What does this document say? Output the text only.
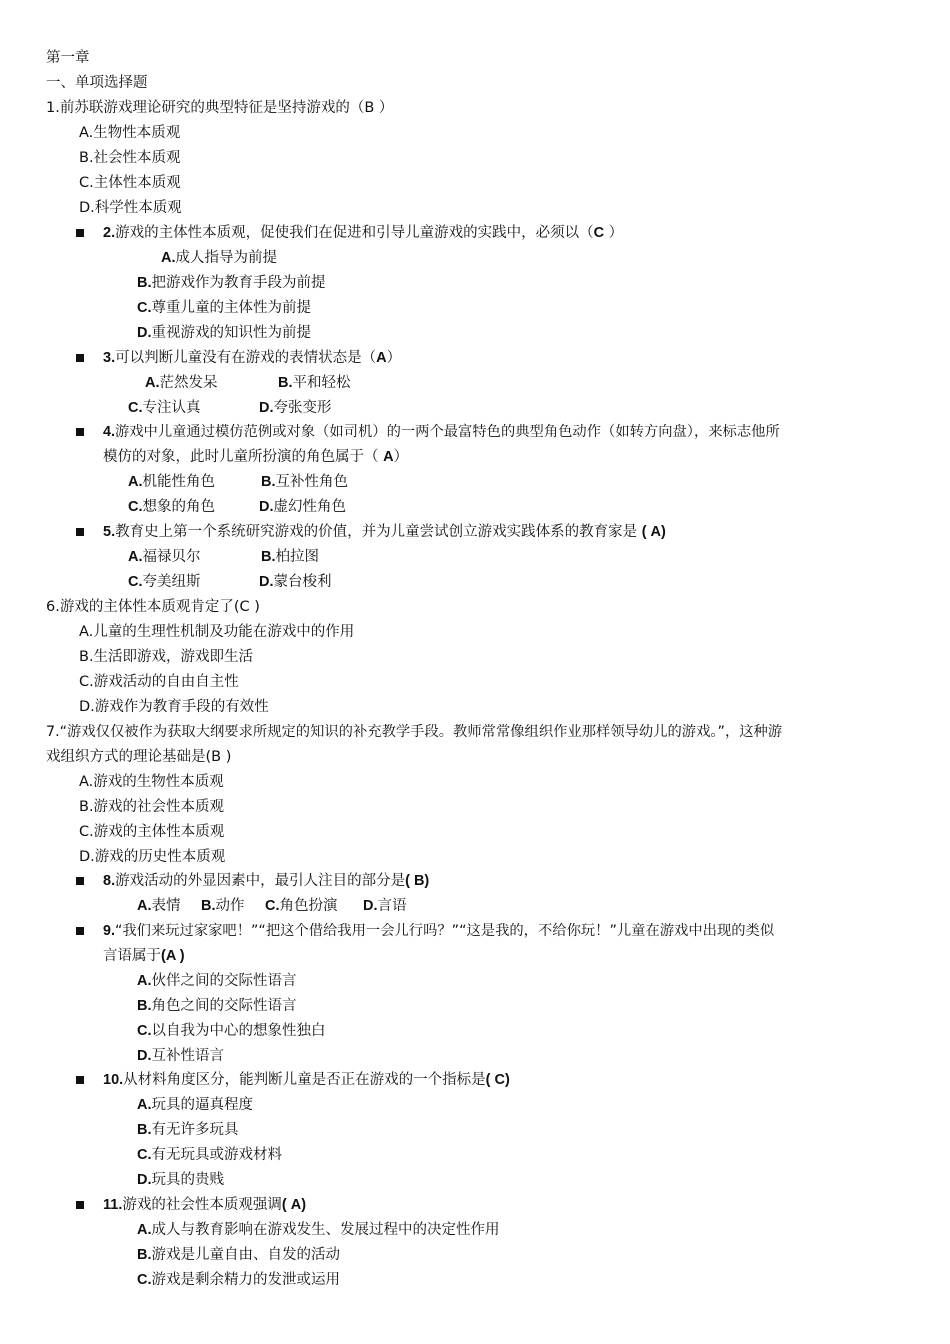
第一章
一、单项选择题
1.前苏联游戏理论研究的典型特征是坚持游戏的（B ）
A.生物性本质观
B.社会性本质观
C.主体性本质观
D.科学性本质观
2.游戏的主体性本质观，促使我们在促进和引导儿童游戏的实践中，必须以（C ）
A.成人指导为前提
B.把游戏作为教育手段为前提
C.尊重儿童的主体性为前提
D.重视游戏的知识性为前提
3.可以判断儿童没有在游戏的表情状态是（A）
A.茫然发呆	B.平和轻松
C.专注认真	D.夸张变形
4.游戏中儿童通过模仿范例或对象（如司机）的一两个最富特色的典型角色动作（如转方向盘），来标志他所
模仿的对象，此时儿童所扮演的角色属于（ A）
A.机能性角色	B.互补性角色
C.想象的角色	D.虚幻性角色
5.教育史上第一个系统研究游戏的价值，并为儿童尝试创立游戏实践体系的教育家是 ( A)
A.福禄贝尔	B.柏拉图
C.夸美纽斯	D.蒙台梭利
6.游戏的主体性本质观肯定了(C )
A.儿童的生理性机制及功能在游戏中的作用
B.生活即游戏，游戏即生活
C.游戏活动的自由自主性
D.游戏作为教育手段的有效性
7.“游戏仅仅被作为获取大纲要求所规定的知识的补充教学手段。教师常常像组织作业那样领导幼儿的游戏。”，这种游
戏组织方式的理论基础是(B )
A.游戏的生物性本质观
B.游戏的社会性本质观
C.游戏的主体性本质观
D.游戏的历史性本质观
8.游戏活动的外显因素中，最引人注目的部分是( B)
A.表情 B.动作 C.角色扮演 D.言语
9.“我们来玩过家家吧！”“把这个借给我用一会儿行吗？”“这是我的，不给你玩！”儿童在游戏中出现的类似
言语属于(A )
A.伙伴之间的交际性语言
B.角色之间的交际性语言
C.以自我为中心的想象性独白
D.互补性语言
10.从材料角度区分，能判断儿童是否正在游戏的一个指标是( C)
A.玩具的逼真程度
B.有无许多玩具
C.有无玩具或游戏材料
D.玩具的贵贱
11.游戏的社会性本质观强调( A)
A.成人与教育影响在游戏发生、发展过程中的决定性作用
B.游戏是儿童自由、自发的活动
C.游戏是剩余精力的发泄或运用
